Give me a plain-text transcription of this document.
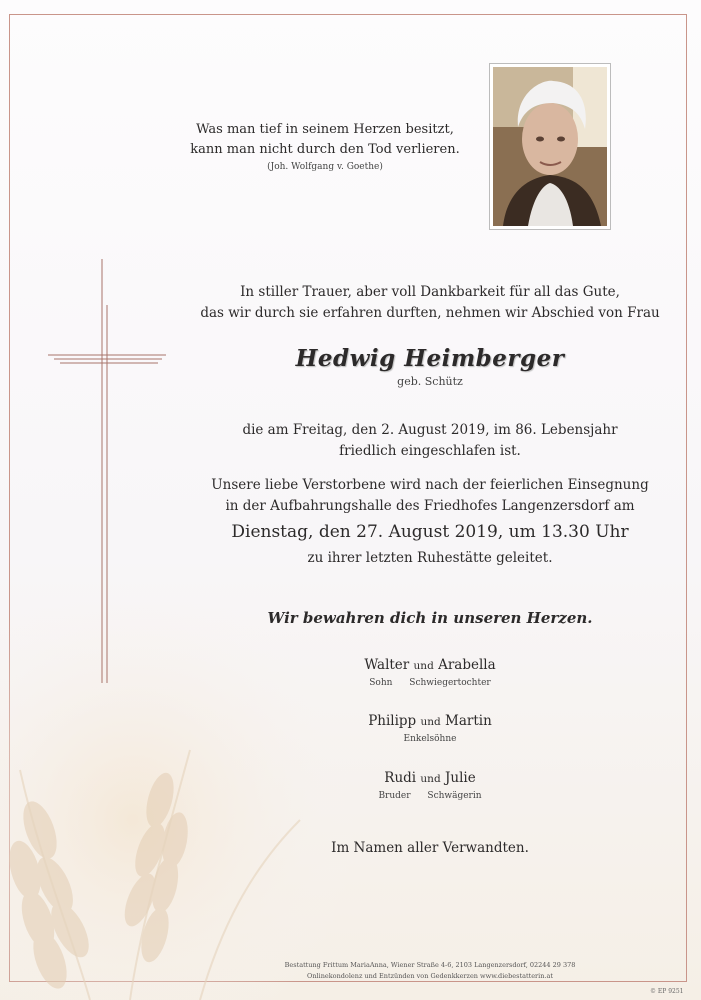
Was man tief in seinem Herzen besitzt,
kann man nicht durch den Tod verlieren.
(Joh. Wolfgang v. Goethe)
In stiller Trauer, aber voll Dankbarkeit für all das Gute,
das wir durch sie erfahren durften, nehmen wir Abschied von Frau
Hedwig Heimberger
geb. Schütz
die am Freitag, den 2. August 2019, im 86. Lebensjahr
friedlich eingeschlafen ist.
Unsere liebe Verstorbene wird nach der feierlichen Einsegnung
in der Aufbahrungshalle des Friedhofes Langenzersdorf am
Dienstag, den 27. August 2019, um 13.30 Uhr
zu ihrer letzten Ruhestätte geleitet.
Wir bewahren dich in unseren Herzen.
Walter und Arabella
Sohn Schwiegertochter
Philipp und Martin
Enkelsöhne
Rudi und Julie
Bruder Schwägerin
Im Namen aller Verwandten.
Bestattung Frittum MariaAnna, Wiener Straße 4-6, 2103 Langenzersdorf, 02244 29 378
Onlinekondolenz und Entzünden von Gedenkkerzen www.diebestatterin.at
© EP 9251
